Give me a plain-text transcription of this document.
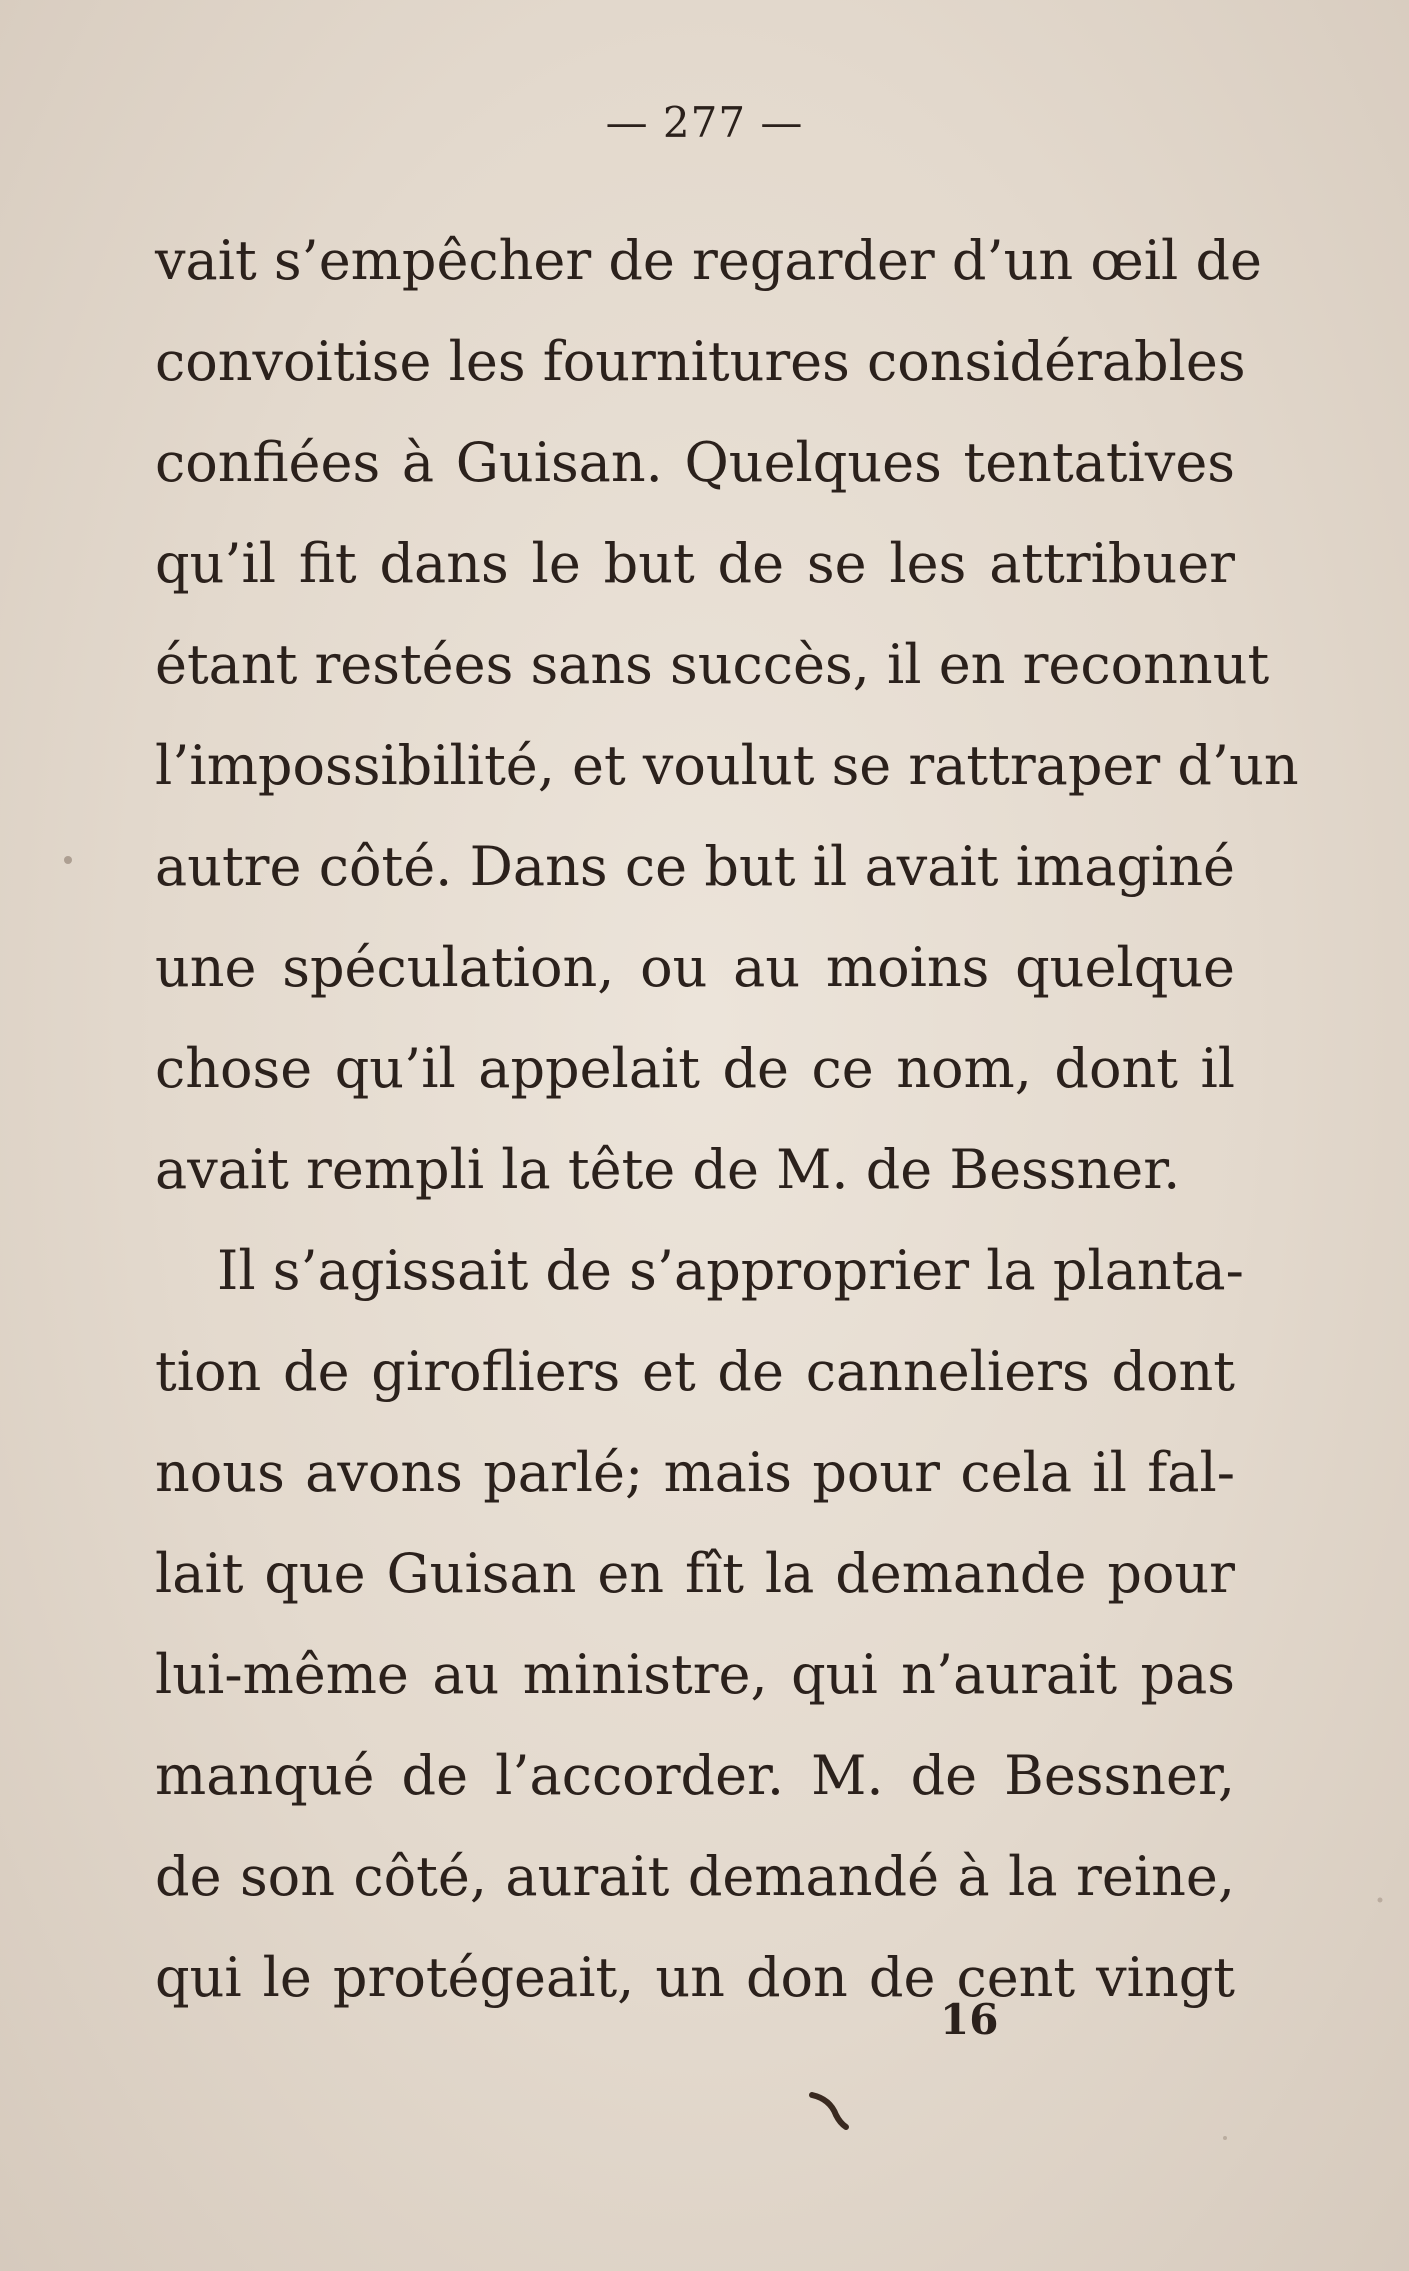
— 277 —
vait s’empêcher de regarder d’un œil de
convoitise les fournitures considérables
confiées à Guisan. Quelques tentatives
qu’il fit dans le but de se les attribuer
étant restées sans succès, il en reconnut
l’impossibilité, et voulut se rattraper d’un
autre côté. Dans ce but il avait imaginé
une spéculation, ou au moins quelque
chose qu’il appelait de ce nom, dont il
avait rempli la tête de M. de Bessner.
Il s’agissait de s’approprier la planta-
tion de girofliers et de canneliers dont
nous avons parlé; mais pour cela il fal-
lait que Guisan en fît la demande pour
lui-même au ministre, qui n’aurait pas
manqué de l’accorder. M. de Bessner,
de son côté, aurait demandé à la reine,
qui le protégeait, un don de cent vingt
16
